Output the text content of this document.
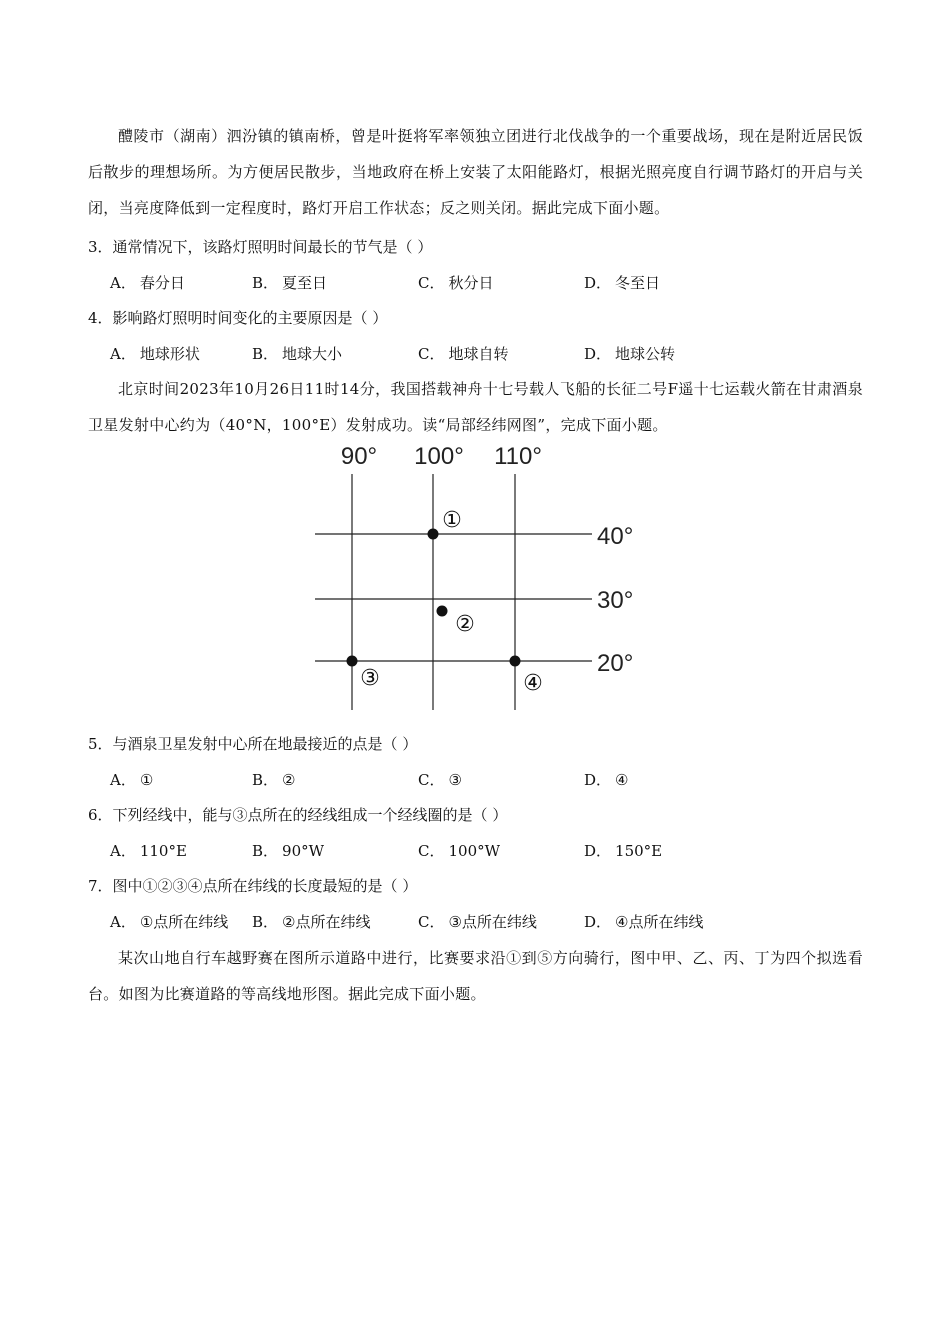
醴陵市（湖南）泗汾镇的镇南桥，曾是叶挺将军率领独立团进行北伐战争的一个重要战场，现在是附近居民饭后散步的理想场所。为方便居民散步，当地政府在桥上安装了太阳能路灯，根据光照亮度自行调节路灯的开启与关闭，当亮度降低到一定程度时，路灯开启工作状态；反之则关闭。据此完成下面小题。
3．通常情况下，该路灯照明时间最长的节气是（ ）
A． 春分日	B． 夏至日	C． 秋分日	D． 冬至日
4．影响路灯照明时间变化的主要原因是（ ）
A． 地球形状	B． 地球大小	C． 地球自转	D． 地球公转
北京时间2023年10月26日11时14分，我国搭载神舟十七号载人飞船的长征二号F遥十七运载火箭在甘肃酒泉卫星发射中心约为（40°N，100°E）发射成功。读“局部经纬网图”，完成下面小题。
90° 100° 110°
40°
30°
20°
①
②
③	④
5．与酒泉卫星发射中心所在地最接近的点是（ ）
A． ①	B． ②	C． ③	D． ④
6．下列经线中，能与③点所在的经线组成一个经线圈的是（ ）
A． 110°E	B． 90°W	C． 100°W	D． 150°E
7．图中①②③④点所在纬线的长度最短的是（ ）
A． ①点所在纬线 B． ②点所在纬线	C． ③点所在纬线	D． ④点所在纬线
某次山地自行车越野赛在图所示道路中进行，比赛要求沿①到⑤方向骑行，图中甲、乙、丙、丁为四个拟选看台。如图为比赛道路的等高线地形图。据此完成下面小题。
